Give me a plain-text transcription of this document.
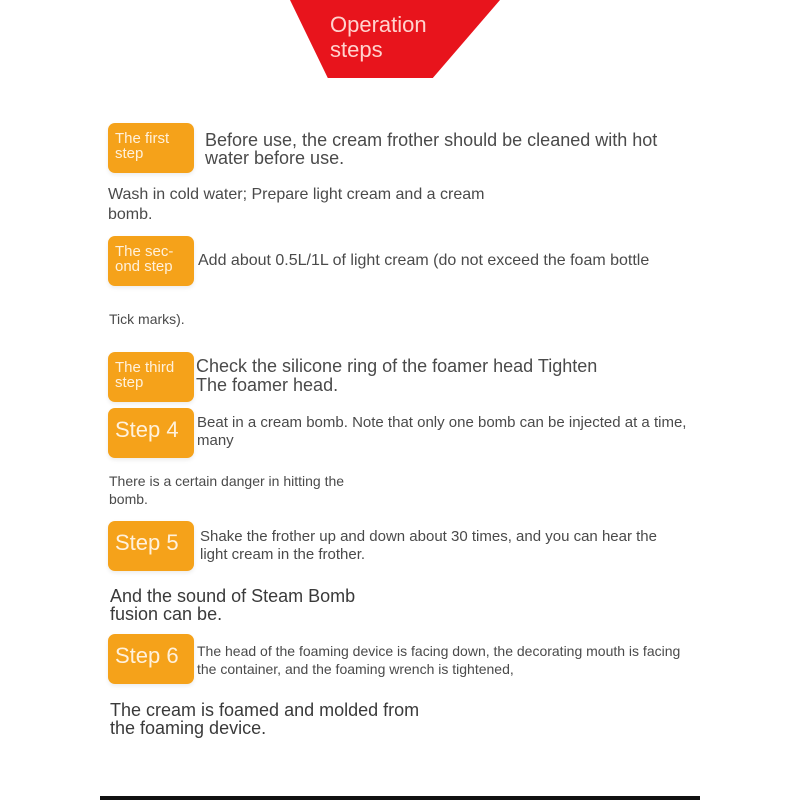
Operation steps
The first step
Before use, the cream frother should be cleaned with hot water before use.
Wash in cold water; Prepare light cream and a cream bomb.
The sec-ond step	Add about 0.5L/1L of light cream (do not exceed the foam bottle
Tick marks).
The third step
Check the silicone ring of the foamer head Tighten The foamer head.
Step 4	Beat in a cream bomb. Note that only one bomb can be injected at a time, many
There is a certain danger in hitting the bomb.
Step 5	Shake the frother up and down about 30 times, and you can hear the light cream in the frother.
And the sound of Steam Bomb fusion can be.
Step 6	The head of the foaming device is facing down, the decorating mouth is facing the container, and the foaming wrench is tightened,
The cream is foamed and molded from the foaming device.
